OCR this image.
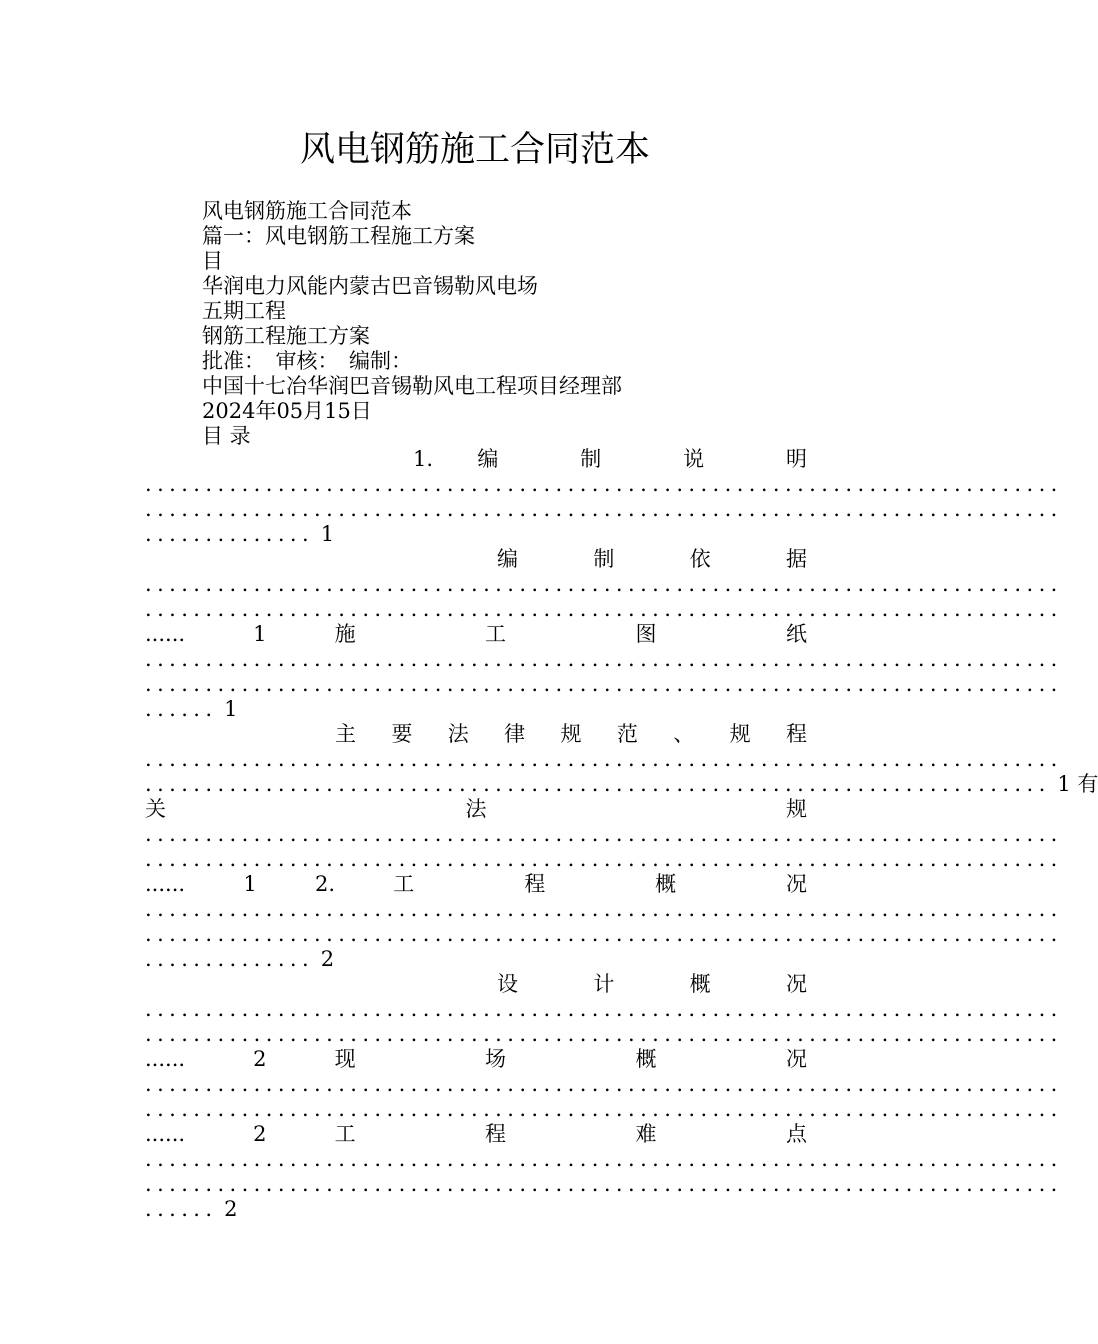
风电钢筋施工合同范本
风电钢筋施工合同范本
篇一：风电钢筋工程施工方案
目
华润电力风能内蒙古巴音锡勒风电场
五期工程
钢筋工程施工方案
批准：　审核：　编制：
中国十七冶华润巴音锡勒风电工程项目经理部
2024年05月15日
目 录
1. 编 制 说 明
............................................................................
............................................................................
.............. 1
编 制 依 据
............................................................................
............................................................................
...... 1 施 工 图 纸
............................................................................
............................................................................
...... 1
主 要 法 律 规 范 、 规 程
............................................................................
........................................................................... 1 有
关 法 规
............................................................................
............................................................................
...... 1 2. 工 程 概 况
............................................................................
............................................................................
.............. 2
设 计 概 况
............................................................................
............................................................................
...... 2 现 场 概 况
............................................................................
............................................................................
...... 2 工 程 难 点
............................................................................
............................................................................
...... 2
